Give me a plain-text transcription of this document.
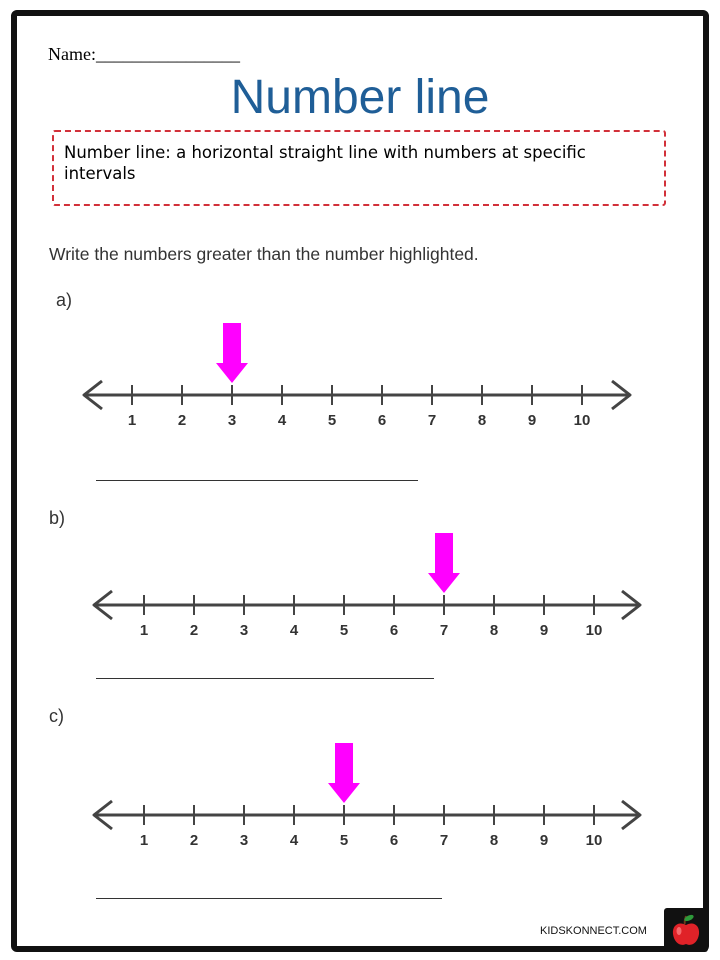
Name:________________
Number line
Number line: a horizontal straight line with numbers at specific intervals
Write the numbers greater than the number highlighted.
a)
1	2	3	4	5	6	7	8	9 10
b)
1	2	3	4	5	6	7	8	9 10
c)
1	2	3	4	5	6	7	8	9 10
KIDSKONNECT.COM
